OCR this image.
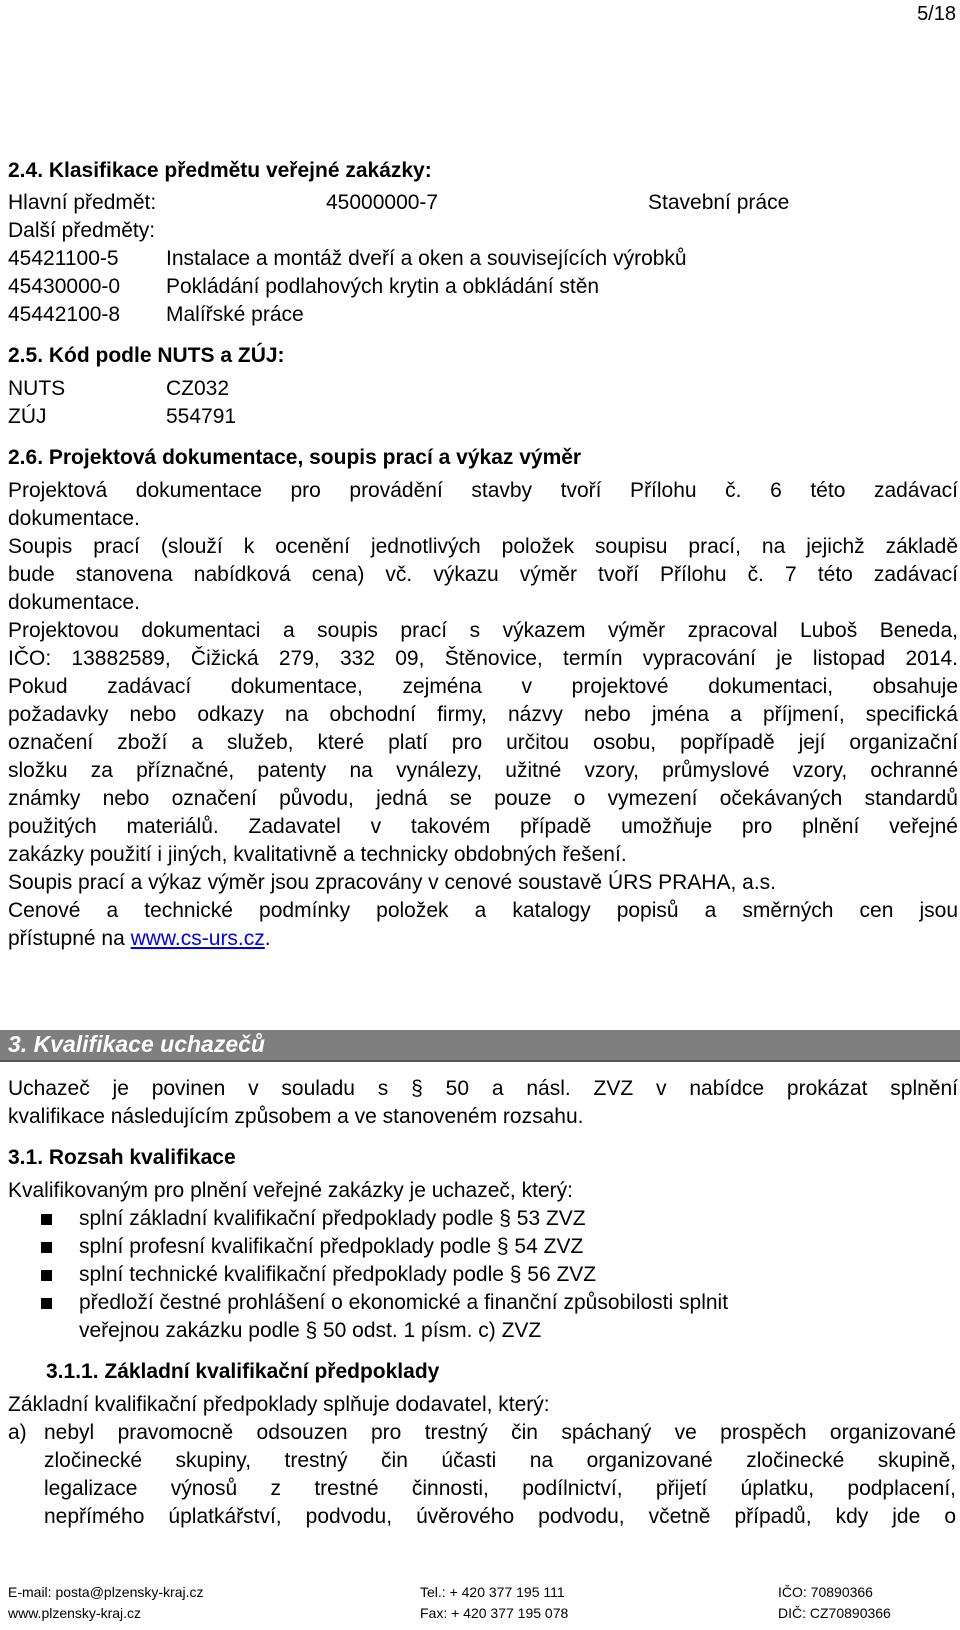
5/18
2.4. Klasifikace předmětu veřejné zakázky:
Hlavní předmět:	45000000-7	Stavební práce
Další předměty:
45421100-5 Instalace a montáž dveří a oken a souvisejících výrobků
45430000-0 Pokládání podlahových krytin a obkládání stěn
45442100-8 Malířské práce
2.5. Kód podle NUTS a ZÚJ:
NUTS	CZ032
ZÚJ	554791
2.6. Projektová dokumentace, soupis prací a výkaz výměr
Projektová dokumentace pro provádění stavby tvoří Přílohu č. 6 této zadávací
dokumentace.
Soupis prací (slouží k ocenění jednotlivých položek soupisu prací, na jejichž základě
bude stanovena nabídková cena) vč. výkazu výměr tvoří Přílohu č. 7 této zadávací
dokumentace.
Projektovou dokumentaci a soupis prací s výkazem výměr zpracoval Luboš Beneda,
IČO: 13882589, Čižická 279, 332 09, Štěnovice, termín vypracování je listopad 2014.
Pokud zadávací dokumentace, zejména v projektové dokumentaci, obsahuje
požadavky nebo odkazy na obchodní firmy, názvy nebo jména a příjmení, specifická
označení zboží a služeb, které platí pro určitou osobu, popřípadě její organizační
složku za příznačné, patenty na vynálezy, užitné vzory, průmyslové vzory, ochranné
známky nebo označení původu, jedná se pouze o vymezení očekávaných standardů
použitých materiálů. Zadavatel v takovém případě umožňuje pro plnění veřejné
zakázky použití i jiných, kvalitativně a technicky obdobných řešení.
Soupis prací a výkaz výměr jsou zpracovány v cenové soustavě ÚRS PRAHA, a.s.
Cenové a technické podmínky položek a katalogy popisů a směrných cen jsou
přístupné na www.cs-urs.cz.
3. Kvalifikace uchazečů
Uchazeč je povinen v souladu s § 50 a násl. ZVZ v nabídce prokázat splnění
kvalifikace následujícím způsobem a ve stanoveném rozsahu.
3.1. Rozsah kvalifikace
Kvalifikovaným pro plnění veřejné zakázky je uchazeč, který:
splní základní kvalifikační předpoklady podle § 53 ZVZ
splní profesní kvalifikační předpoklady podle § 54 ZVZ
splní technické kvalifikační předpoklady podle § 56 ZVZ
předloží čestné prohlášení o ekonomické a finanční způsobilosti splnit
veřejnou zakázku podle § 50 odst. 1 písm. c) ZVZ
3.1.1. Základní kvalifikační předpoklady
Základní kvalifikační předpoklady splňuje dodavatel, který:
a) nebyl pravomocně odsouzen pro trestný čin spáchaný ve prospěch organizované
zločinecké skupiny, trestný čin účasti na organizované zločinecké skupině,
legalizace výnosů z trestné činnosti, podílnictví, přijetí úplatku, podplacení,
nepřímého úplatkářství, podvodu, úvěrového podvodu, včetně případů, kdy jde o
E-mail: posta@plzensky-kraj.cz
www.plzensky-kraj.cz
Tel.: + 420 377 195 111
Fax: + 420 377 195 078
IČO: 70890366
DIČ: CZ70890366
